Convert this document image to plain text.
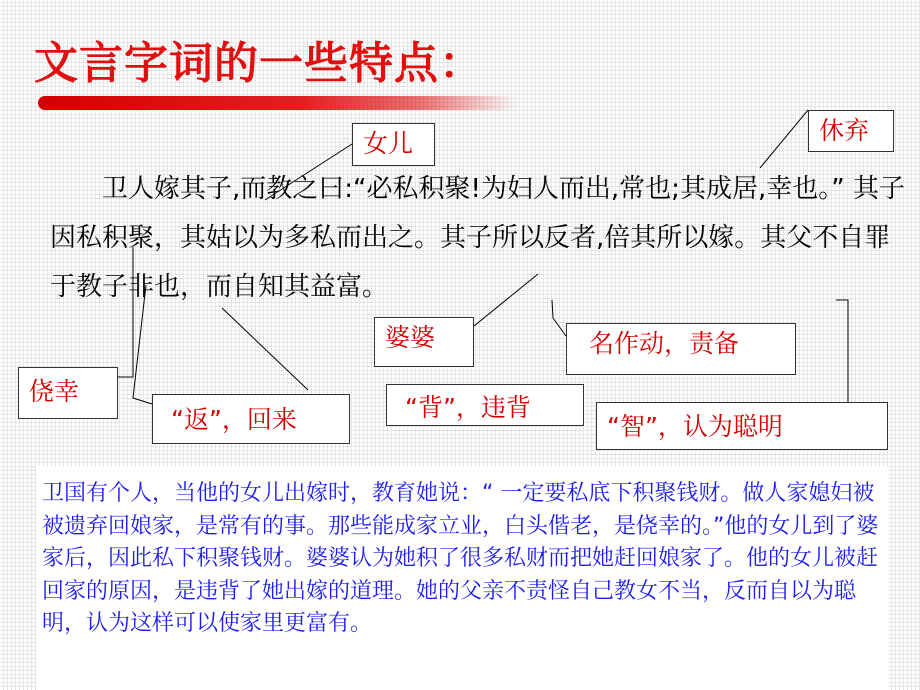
文言字词的一些特点：

卫人嫁其子,而教之曰:“必私积聚!为妇人而出,常也;其成居,幸也。” 其子因私积聚，其姑以为多私而出之。其子所以反者,倍其所以嫁。其父不自罪于教子非也，而自知其益富。

女儿	休弃
婆婆	名作动，责备
侥幸
“返”，回来	“背”，违背
“智”，认为聪明

卫国有个人，当他的女儿出嫁时，教育她说：“ 一定要私底下积聚钱财。做人家媳妇被被遗弃回娘家，是常有的事。那些能成家立业，白头偕老，是侥幸的。”他的女儿到了婆家后，因此私下积聚钱财。婆婆认为她积了很多私财而把她赶回娘家了。他的女儿被赶回家的原因，是违背了她出嫁的道理。她的父亲不责怪自己教女不当，反而自以为聪明，认为这样可以使家里更富有。
